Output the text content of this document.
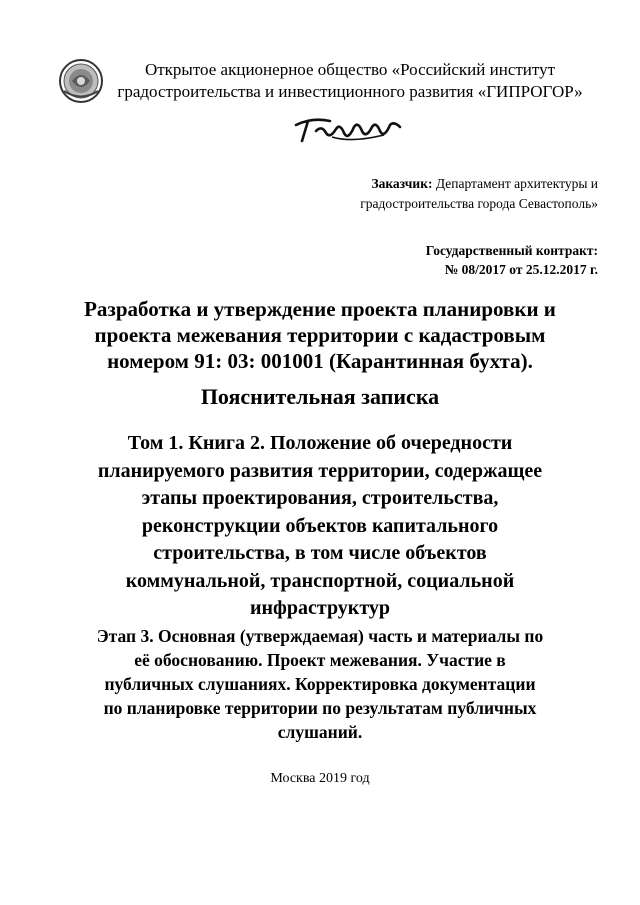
Открытое акционерное общество «Российский институт
градостроительства и инвестиционного развития «ГИПРОГОР»
Заказчик: Департамент архитектуры и
градостроительства города Севастополь»
Государственный контракт:
№ 08/2017 от 25.12.2017 г.
Разработка и утверждение проекта планировки и
проекта межевания территории с кадастровым
номером 91: 03: 001001 (Карантинная бухта).
Пояснительная записка
Том 1. Книга 2. Положение об очередности
планируемого развития территории, содержащее
этапы проектирования, строительства,
реконструкции объектов капитального
строительства, в том числе объектов
коммунальной, транспортной, социальной
инфраструктур
Этап 3. Основная (утверждаемая) часть и материалы по
её обоснованию. Проект межевания. Участие в
публичных слушаниях. Корректировка документации
по планировке территории по результатам публичных
слушаний.
Москва 2019 год
